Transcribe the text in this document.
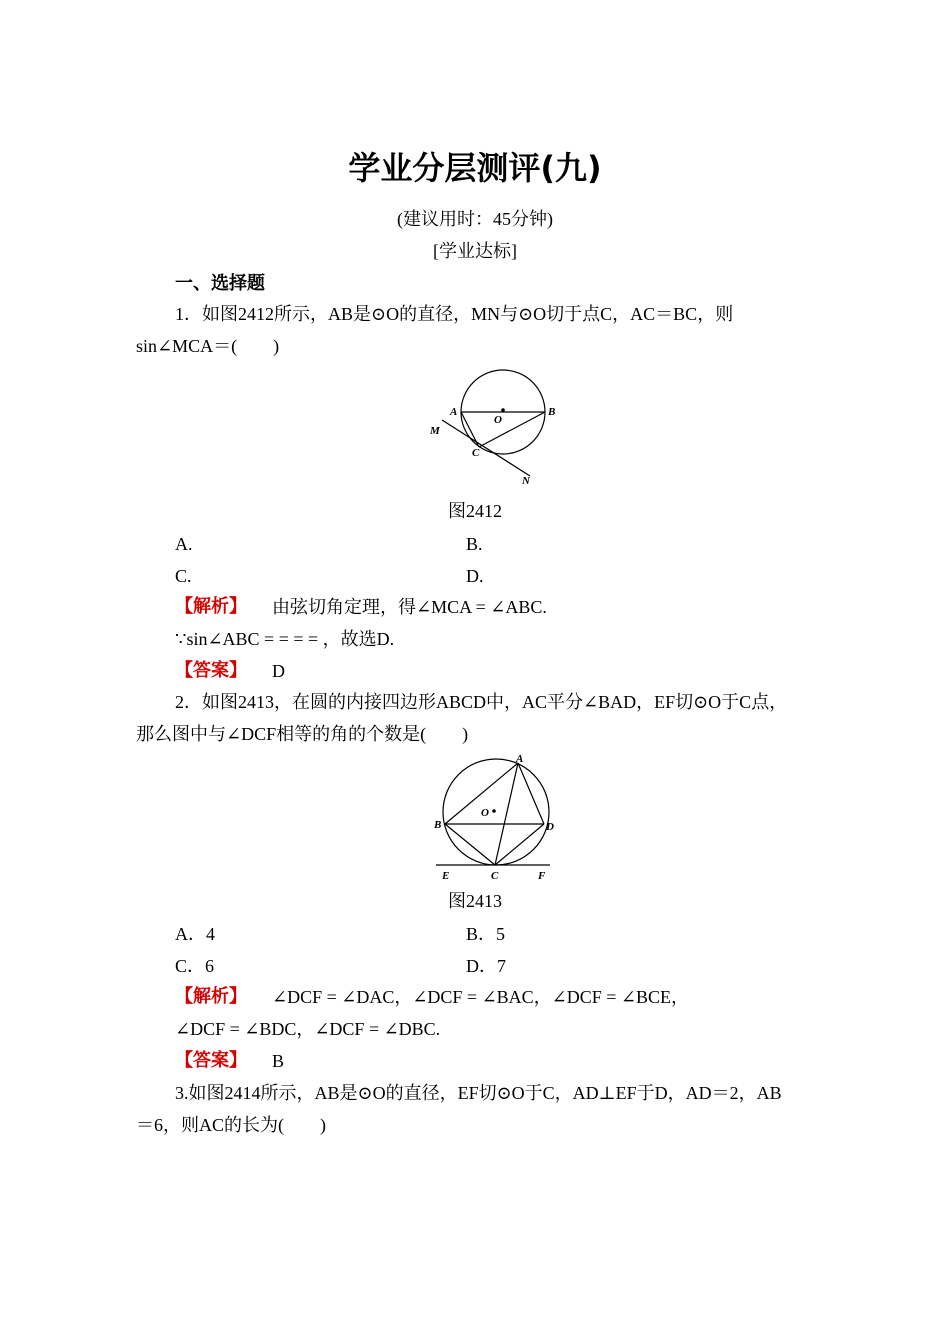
学业分层测评(九)
(建议用时：45分钟)
[学业达标]
一、选择题
1．如图2412所示，AB是⊙O的直径，MN与⊙O切于点C，AC＝BC，则
sin∠MCA＝(　　)
A	B
O
M
C
N
图2412
A.	B.
C.	D.
【解析】 由弦切角定理，得∠MCA = ∠ABC.
∵sin∠ABC = = = = ，故选D.
【答案】 D
2．如图2413，在圆的内接四边形ABCD中，AC平分∠BAD，EF切⊙O于C点，
那么图中与∠DCF相等的角的个数是(　　)
A
O
B	D
E	C	F
图2413
A．4	B．5
C．6	D．7
【解析】 ∠DCF = ∠DAC，∠DCF = ∠BAC，∠DCF = ∠BCE，
∠DCF = ∠BDC，∠DCF = ∠DBC.
【答案】 B
3.如图2414所示，AB是⊙O的直径，EF切⊙O于C，AD⊥EF于D，AD＝2，AB
＝6，则AC的长为(　　)
